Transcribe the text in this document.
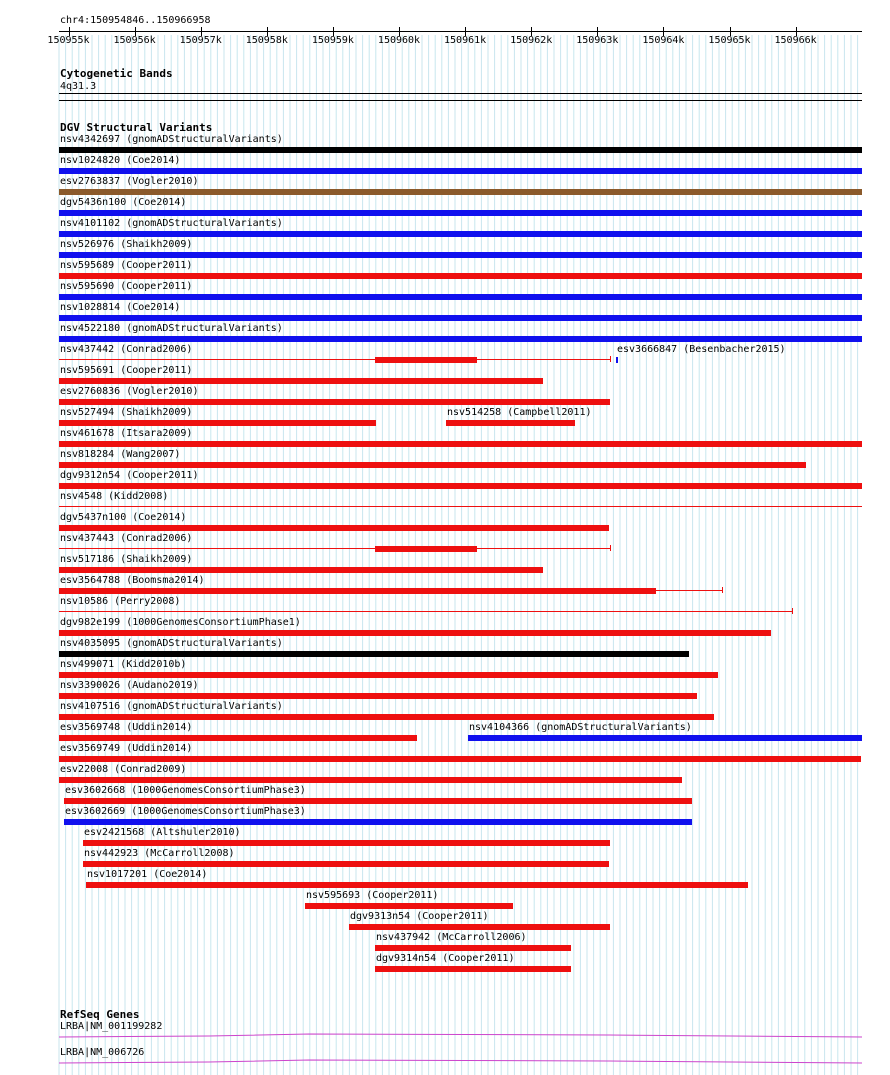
chr4:150954846..150966958
150955k 150956k 150957k 150958k 150959k 150960k 150961k 150962k 150963k 150964k 150965k 150966k
Cytogenetic Bands
4q31.3
DGV Structural Variants
nsv4342697 (gnomADStructuralVariants)
nsv1024820 (Coe2014)
esv2763837 (Vogler2010)
dgv5436n100 (Coe2014)
nsv4101102 (gnomADStructuralVariants)
nsv526976 (Shaikh2009)
nsv595689 (Cooper2011)
nsv595690 (Cooper2011)
nsv1028814 (Coe2014)
nsv4522180 (gnomADStructuralVariants)
nsv437442 (Conrad2006)	esv3666847 (Besenbacher2015)
nsv595691 (Cooper2011)
esv2760836 (Vogler2010)
nsv527494 (Shaikh2009)	nsv514258 (Campbell2011)
nsv461678 (Itsara2009)
nsv818284 (Wang2007)
dgv9312n54 (Cooper2011)
nsv4548 (Kidd2008)
dgv5437n100 (Coe2014)
nsv437443 (Conrad2006)
nsv517186 (Shaikh2009)
esv3564788 (Boomsma2014)
nsv10586 (Perry2008)
dgv982e199 (1000GenomesConsortiumPhase1)
nsv4035095 (gnomADStructuralVariants)
nsv499071 (Kidd2010b)
nsv3390026 (Audano2019)
nsv4107516 (gnomADStructuralVariants)
esv3569748 (Uddin2014)	nsv4104366 (gnomADStructuralVariants)
esv3569749 (Uddin2014)
esv22008 (Conrad2009)
esv3602668 (1000GenomesConsortiumPhase3)
esv3602669 (1000GenomesConsortiumPhase3)
esv2421568 (Altshuler2010)
nsv442923 (McCarroll2008)
nsv1017201 (Coe2014)
nsv595693 (Cooper2011)
dgv9313n54 (Cooper2011)
nsv437942 (McCarroll2006)
dgv9314n54 (Cooper2011)
RefSeq Genes
LRBA|NM_001199282
LRBA|NM_006726
